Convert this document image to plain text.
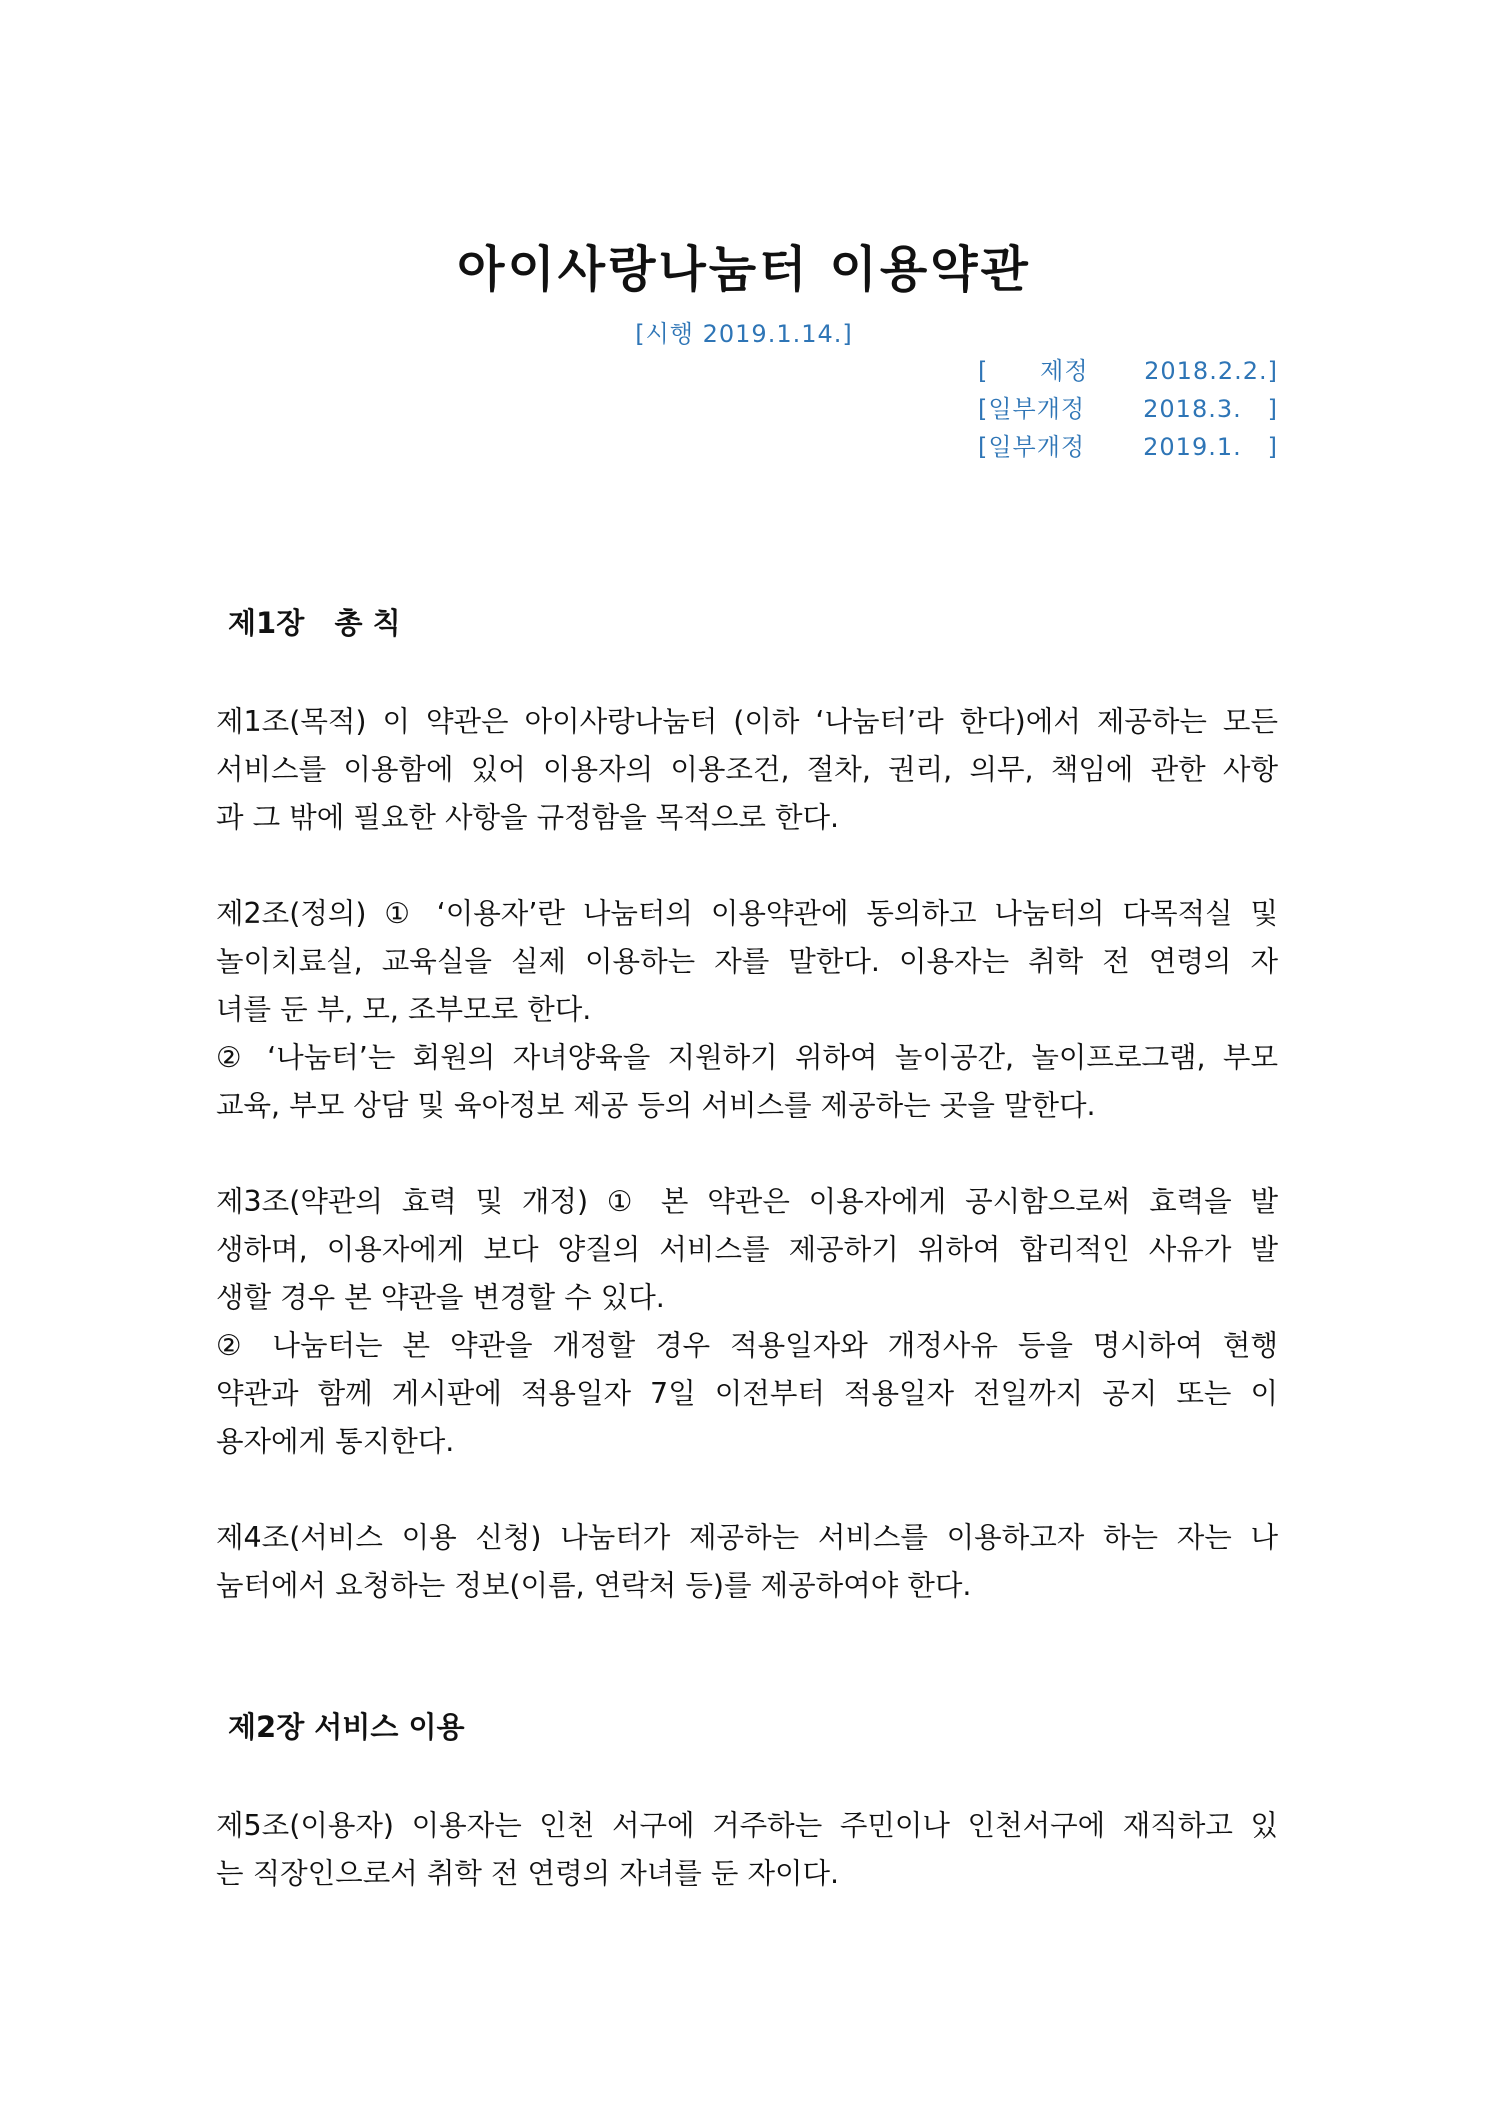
아이사랑나눔터 이용약관
[시행 2019.1.14.]
[      제정 2018.2.2.]
[일부개정 2018.3.   ]
[일부개정 2019.1.   ]
제1장   총 칙
제1조(목적) 이 약관은 아이사랑나눔터 (이하 ‘나눔터’라 한다)에서 제공하는 모든
서비스를 이용함에 있어 이용자의 이용조건, 절차, 권리, 의무, 책임에 관한 사항
과 그 밖에 필요한 사항을 규정함을 목적으로 한다.
제2조(정의) ① ‘이용자’란 나눔터의 이용약관에 동의하고 나눔터의 다목적실 및
놀이치료실, 교육실을 실제 이용하는 자를 말한다. 이용자는 취학 전 연령의 자
녀를 둔 부, 모, 조부모로 한다.
② ‘나눔터’는 회원의 자녀양육을 지원하기 위하여 놀이공간, 놀이프로그램, 부모
교육, 부모 상담 및 육아정보 제공 등의 서비스를 제공하는 곳을 말한다.
제3조(약관의 효력 및 개정) ① 본 약관은 이용자에게 공시함으로써 효력을 발
생하며, 이용자에게 보다 양질의 서비스를 제공하기 위하여 합리적인 사유가 발
생할 경우 본 약관을 변경할 수 있다.
② 나눔터는 본 약관을 개정할 경우 적용일자와 개정사유 등을 명시하여 현행
약관과 함께 게시판에 적용일자 7일 이전부터 적용일자 전일까지 공지 또는 이
용자에게 통지한다.
제4조(서비스 이용 신청) 나눔터가 제공하는 서비스를 이용하고자 하는 자는 나
눔터에서 요청하는 정보(이름, 연락처 등)를 제공하여야 한다.
제2장 서비스 이용
제5조(이용자) 이용자는 인천 서구에 거주하는 주민이나 인천서구에 재직하고 있
는 직장인으로서 취학 전 연령의 자녀를 둔 자이다.
